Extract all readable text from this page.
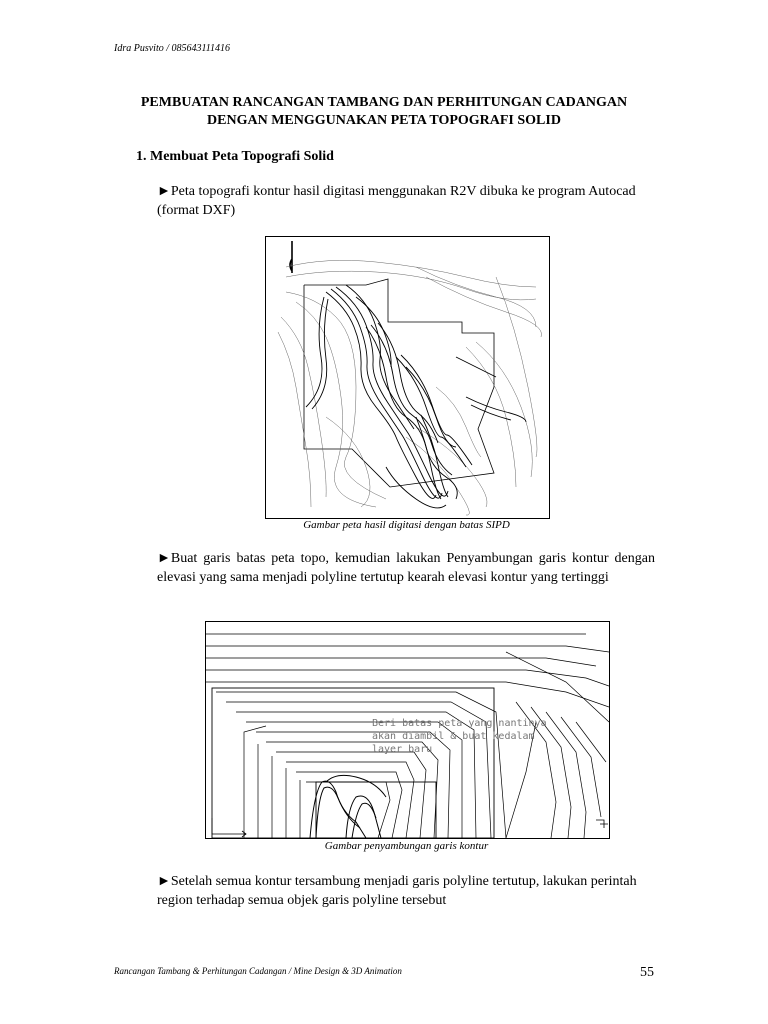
Idra Pusvito / 085643111416
PEMBUATAN RANCANGAN TAMBANG DAN PERHITUNGAN CADANGAN
DENGAN MENGGUNAKAN PETA TOPOGRAFI SOLID
1. Membuat Peta Topografi Solid
►Peta topografi kontur hasil digitasi menggunakan R2V dibuka ke program Autocad (format DXF)
Gambar peta hasil digitasi dengan batas SIPD
►Buat garis batas peta topo, kemudian lakukan Penyambungan garis kontur dengan elevasi yang sama menjadi polyline tertutup kearah elevasi kontur yang tertinggi
Beri batas peta yang nantinya
akan diambil & buat kedalam
layer baru
Gambar penyambungan garis kontur
►Setelah semua kontur tersambung menjadi garis polyline tertutup, lakukan perintah region terhadap semua objek garis polyline tersebut
Rancangan Tambang & Perhitungan Cadangan / Mine Design & 3D Animation	55
